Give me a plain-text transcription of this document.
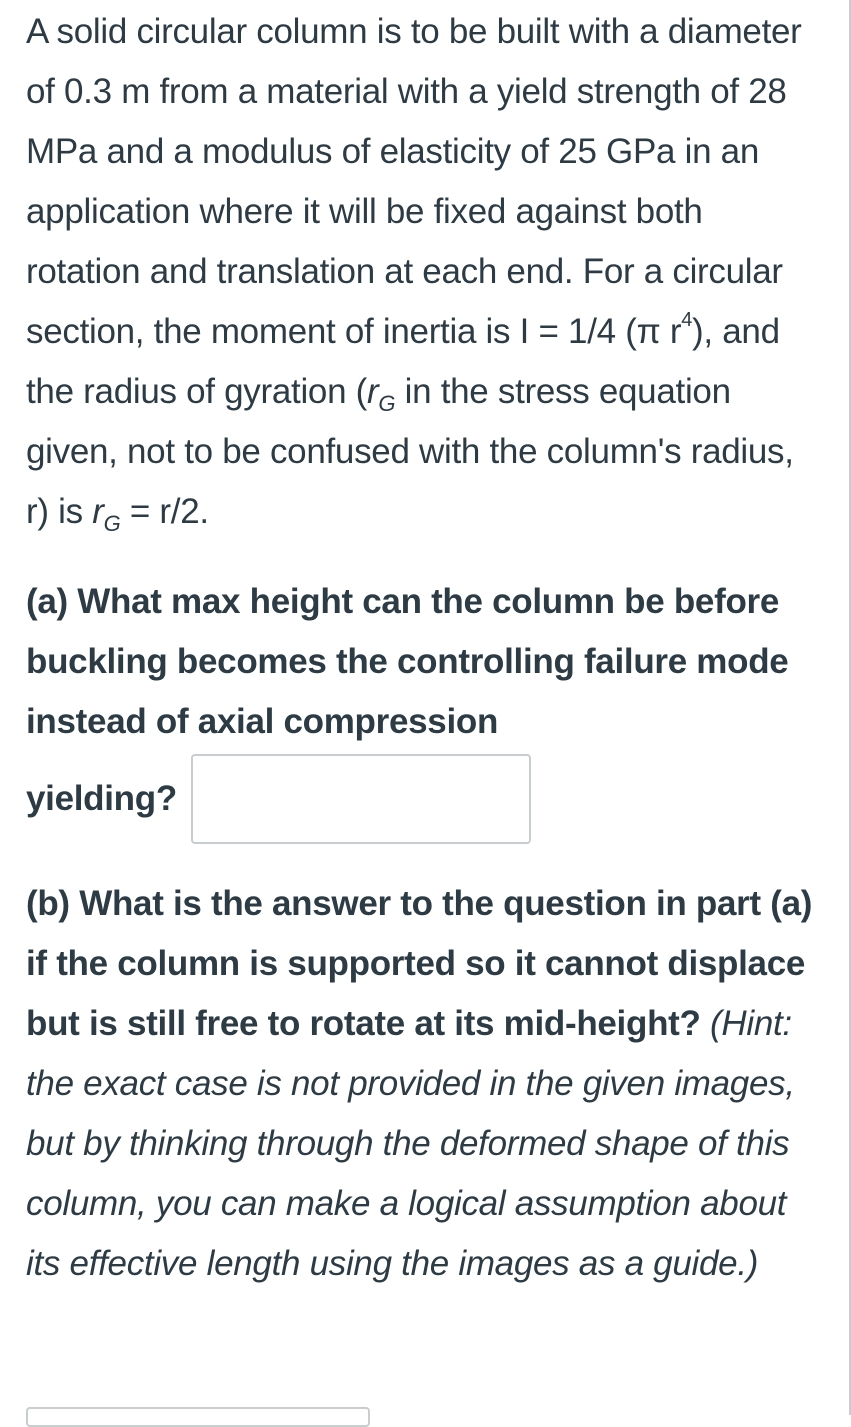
A solid circular column is to be built with a diameter of 0.3 m from a material with a yield strength of 28 MPa and a modulus of elasticity of 25 GPa in an application where it will be fixed against both rotation and translation at each end. For a circular section, the moment of inertia is I = 1/4 (π $r^4$), and the radius of gyration ($r_G$ in the stress equation given, not to be confused with the column's radius, r) is $r_G = r/2$.
(a) What max height can the column be before buckling becomes the controlling failure mode instead of axial compression
yielding?
(b) What is the answer to the question in part (a) if the column is supported so it cannot displace but is still free to rotate at its mid-height? (Hint: the exact case is not provided in the given images, but by thinking through the deformed shape of this column, you can make a logical assumption about its effective length using the images as a guide.)
